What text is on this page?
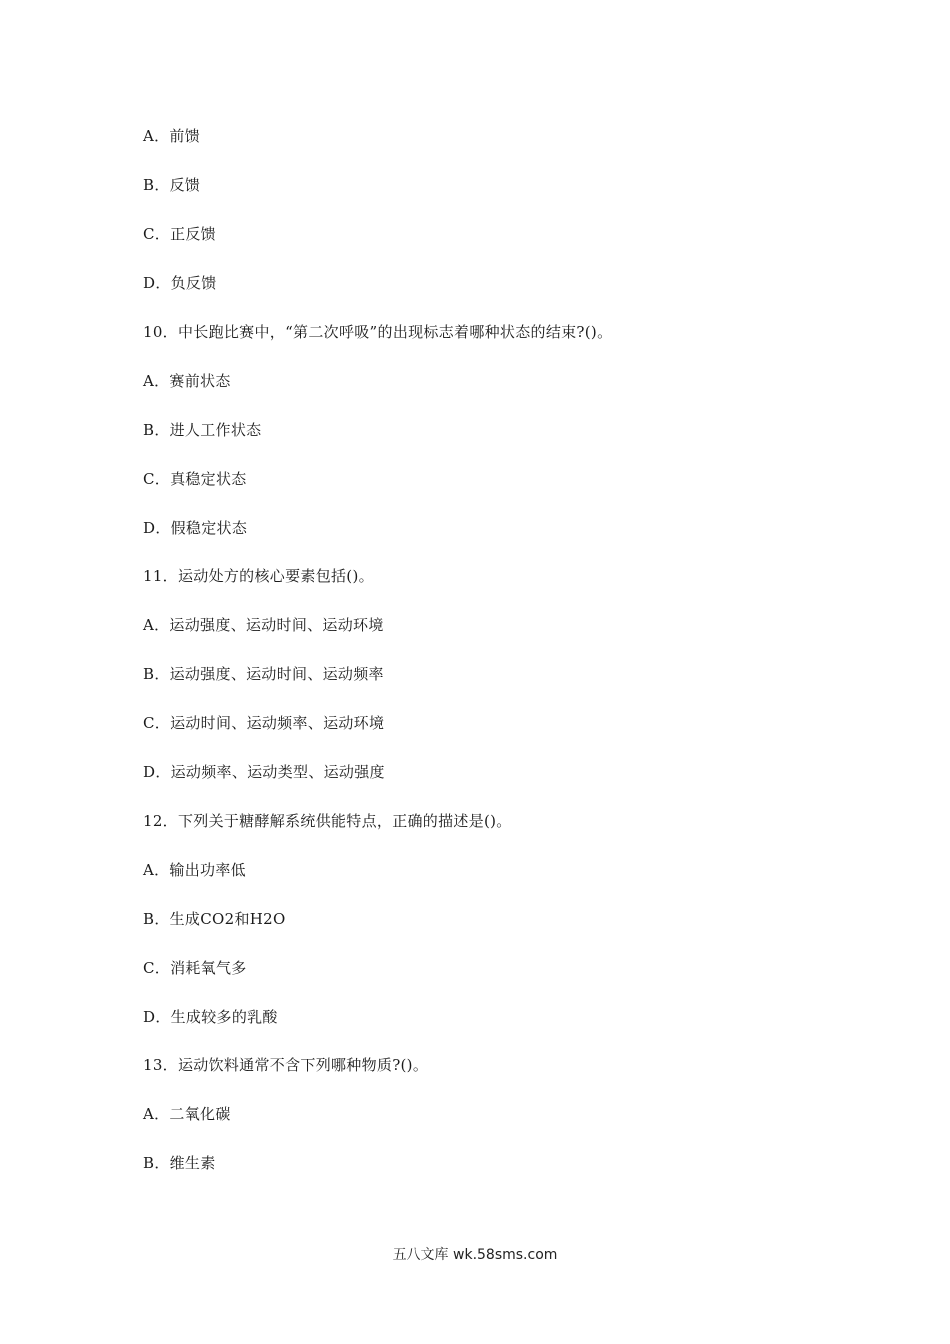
A．前馈
B．反馈
C．正反馈
D．负反馈
10．中长跑比赛中，“第二次呼吸”的出现标志着哪种状态的结束?()。
A．赛前状态
B．进人工作状态
C．真稳定状态
D．假稳定状态
11．运动处方的核心要素包括()。
A．运动强度、运动时间、运动环境
B．运动强度、运动时间、运动频率
C．运动时间、运动频率、运动环境
D．运动频率、运动类型、运动强度
12．下列关于糖酵解系统供能特点，正确的描述是()。
A．输出功率低
B．生成CO2和H2O
C．消耗氧气多
D．生成较多的乳酸
13．运动饮料通常不含下列哪种物质?()。
A．二氧化碳
B．维生素
五八文库 wk.58sms.com
